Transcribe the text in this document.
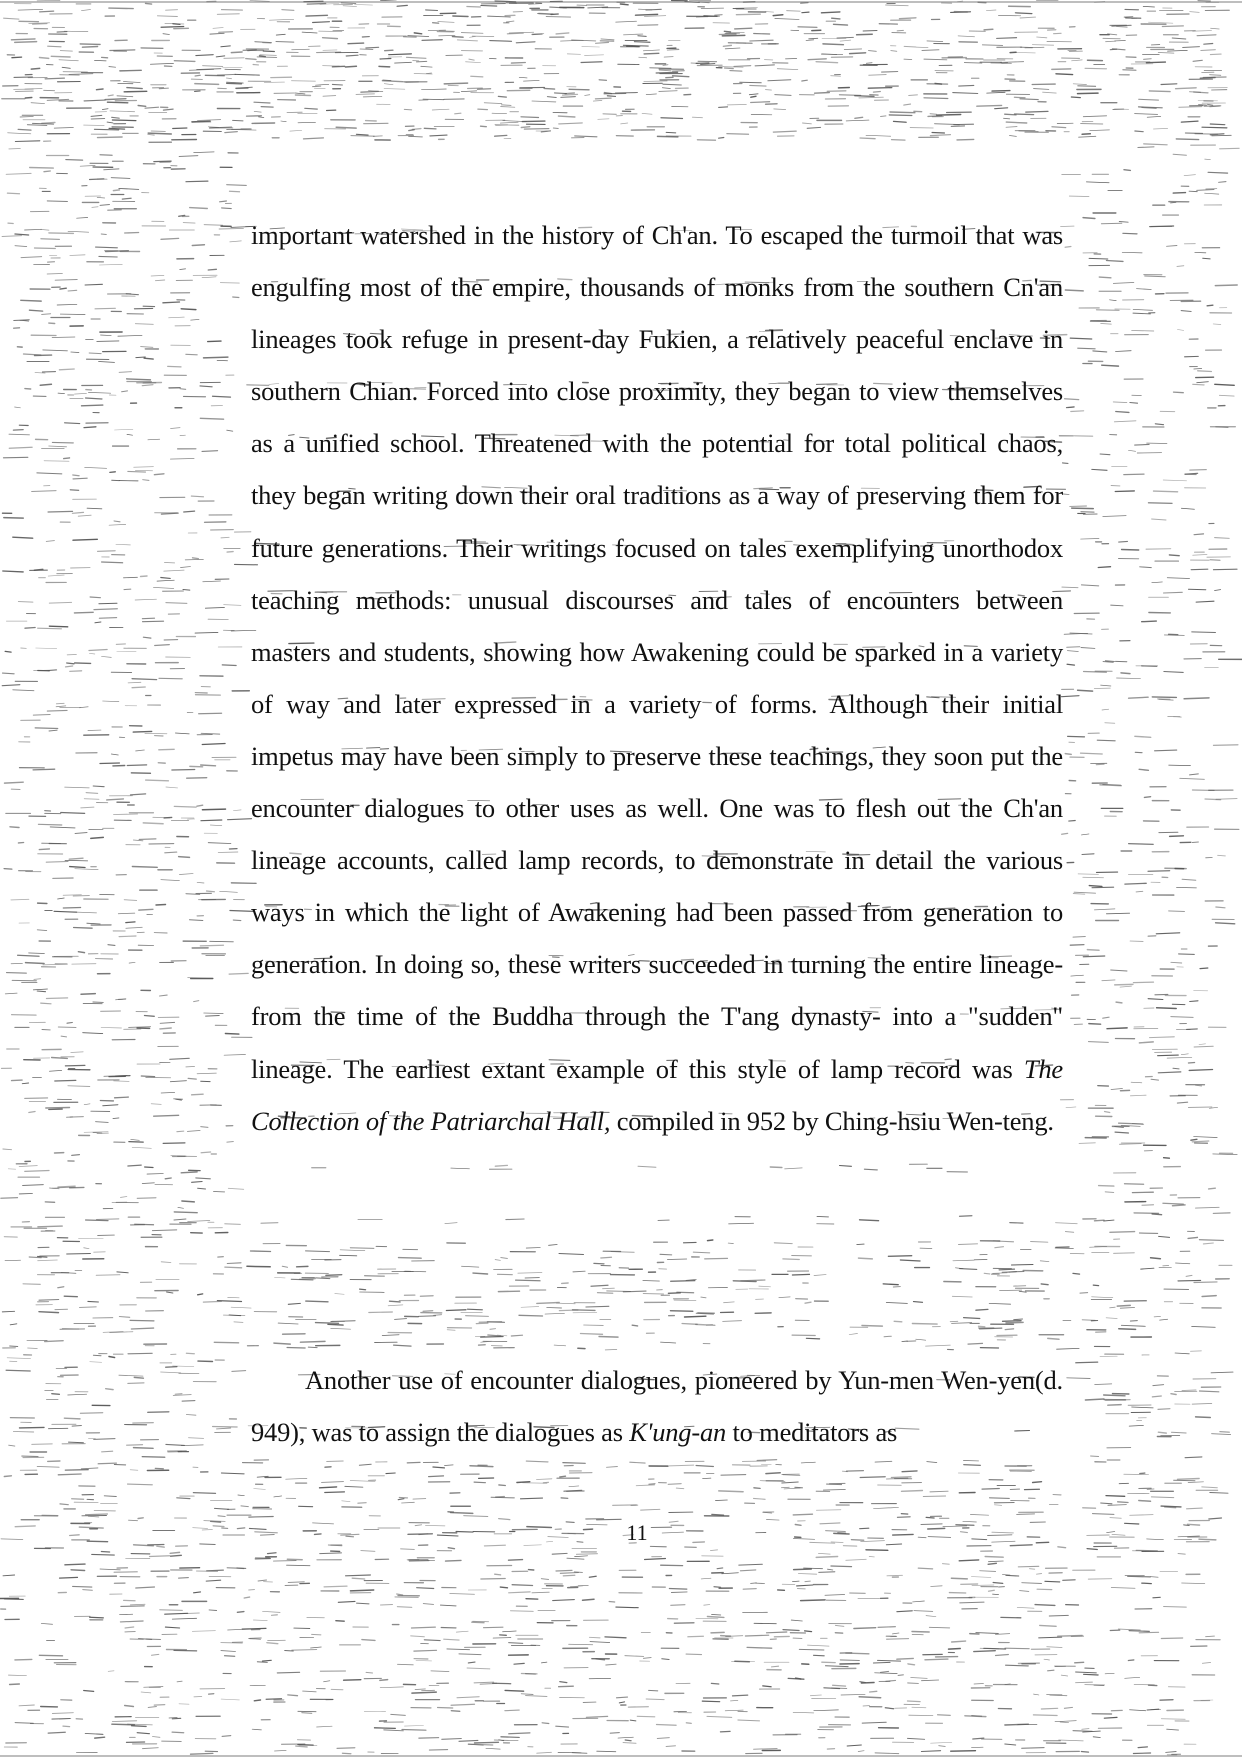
important watershed in the history of Ch'an. To escaped the turmoil that was engulfing most of the empire, thousands of monks from the southern Cn'an lineages took refuge in present-day Fukien, a relatively peaceful enclave in southern Chian. Forced into close proximity, they began to view themselves as a unified school. Threatened with the potential for total political chaos, they began writing down their oral traditions as a way of preserving them for future generations. Their writings focused on tales exemplifying unorthodox teaching methods: unusual discourses and tales of encounters between masters and students, showing how Awakening could be sparked in a variety of way and later expressed in a variety of forms. Although their initial impetus may have been simply to preserve these teachings, they soon put the encounter dialogues to other uses as well. One was to flesh out the Ch'an lineage accounts, called lamp records, to demonstrate in detail the various ways in which the light of Awakening had been passed from generation to generation. In doing so, these writers succeeded in turning the entire lineage-from the time of the Buddha through the T'ang dynasty- into a "sudden" lineage. The earliest extant example of this style of lamp record was The Collection of the Patriarchal Hall, compiled in 952 by Ching-hsiu Wen-teng.

Another use of encounter dialogues, pioneered by Yun-men Wen-yen(d. 949), was to assign the dialogues as K'ung-an to meditators as

11
